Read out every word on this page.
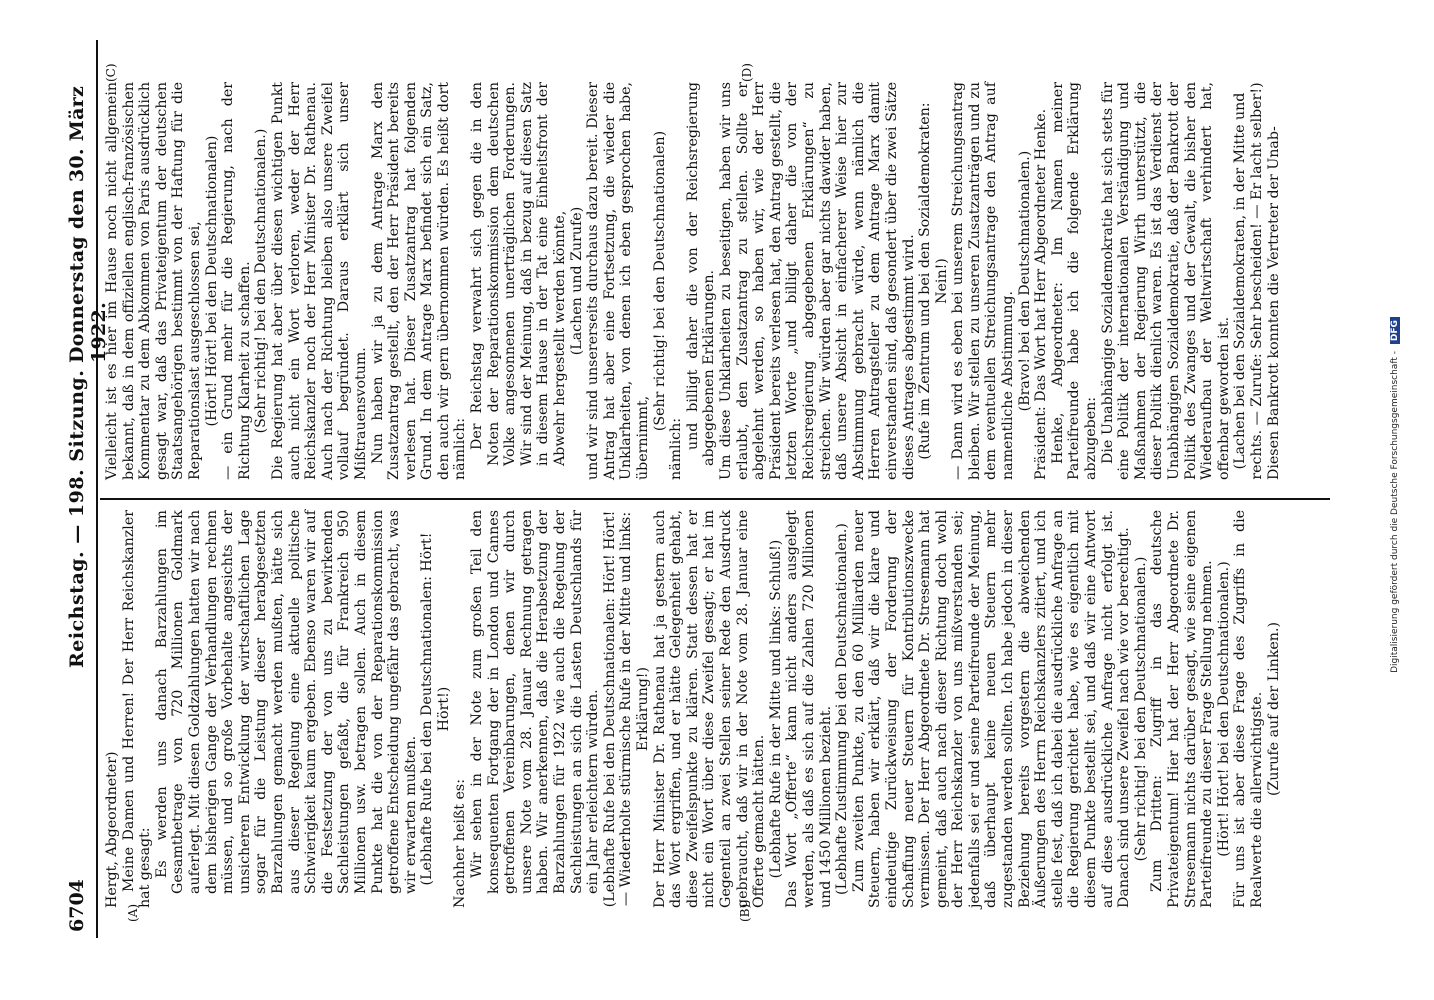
6704
Reichstag. — 198. Sitzung.
Donnerstag den 30. März 1922.
(A)	(B)
(C)	(D)

Hergt, Abgeordneter) Meine Damen und Herren! Der Herr Reichskanzler hat gesagt: Es werden uns danach Barzahlungen im Gesamtbetrage von 720 Millionen Goldmark auferlegt. Mit diesen Goldzahlungen hatten wir nach dem bisherigen Gange der Verhandlungen rechnen müssen, und so große Vorbehalte angesichts der unsicheren Entwicklung der wirtschaftlichen Lage sogar für die Leistung dieser herabgesetzten Barzahlungen gemacht werden mußten, hätte sich aus dieser Regelung eine aktuelle politische Schwierigkeit kaum ergeben. Ebenso waren wir auf die Festsetzung der von uns zu bewirkenden Sachleistungen gefaßt, die für Frankreich 950 Millionen usw. betragen sollen. Auch in diesem Punkte hat die von der Reparationskommission getroffene Entscheidung ungefähr das gebracht, was wir erwarten mußten. (Lebhafte Rufe bei den Deutschnationalen: Hört! Hört!)

Nachher heißt es: Wir sehen in der Note zum großen Teil den konsequenten Fortgang der in London und Cannes getroffenen Vereinbarungen, denen wir durch unsere Note vom 28. Januar Rechnung getragen haben. Wir anerkennen, daß die Herabsetzung der Barzahlungen für 1922 wie auch die Regelung der Sachleistungen an sich die Lasten Deutschlands für ein Jahr erleichtern würden. (Lebhafte Rufe bei den Deutschnationalen: Hört! Hört! — Wiederholte stürmische Rufe in der Mitte und links: Erklärung!) Der Herr Minister Dr. Rathenau hat ja gestern auch das Wort ergriffen, und er hätte Gelegenheit gehabt, diese Zweifelspunkte zu klären. Statt dessen hat er nicht ein Wort über diese Zweifel gesagt; er hat im Gegenteil an zwei Stellen seiner Rede den Ausdruck gebraucht, daß wir in der Note vom 28. Januar eine Offerte gemacht hätten. (Lebhafte Rufe in der Mitte und links: Schluß!) Das Wort „Offerte“ kann nicht anders ausgelegt werden, als daß es sich auf die Zahlen 720 Millionen und 1450 Millionen bezieht. (Lebhafte Zustimmung bei den Deutschnationalen.) Zum zweiten Punkte, zu den 60 Milliarden neuer Steuern, haben wir erklärt, daß wir die klare und eindeutige Zurückweisung der Forderung der Schaffung neuer Steuern für Kontributionszwecke vermissen. Der Herr Abgeordnete Dr. Stresemann hat gemeint, daß auch nach dieser Richtung doch wohl der Herr Reichskanzler von uns mißverstanden sei; jedenfalls sei er und seine Parteifreunde der Meinung, daß überhaupt keine neuen Steuern mehr zugestanden werden sollten. Ich habe jedoch in dieser Beziehung bereits vorgestern die abweichenden Äußerungen des Herrn Reichskanzlers zitiert, und ich stelle fest, daß ich dabei die ausdrückliche Anfrage an die Regierung gerichtet habe, wie es eigentlich mit diesem Punkte bestellt sei, und daß wir eine Antwort auf diese ausdrückliche Anfrage nicht erfolgt ist. Danach sind unsere Zweifel nach wie vor berechtigt. (Sehr richtig! bei den Deutschnationalen.) Zum Dritten: Zugriff in das deutsche Privateigentum! Hier hat der Herr Abgeordnete Dr. Stresemann nichts darüber gesagt, wie seine eigenen Parteifreunde zu dieser Frage Stellung nehmen. (Hört! Hört! bei den Deutschnationalen.) Für uns ist aber diese Frage des Zugriffs in die Realwerte die allerwichtigste. (Zurufe auf der Linken.)

Vielleicht ist es hier im Hause noch nicht allgemein bekannt, daß in dem offiziellen englisch-französischen Kommentar zu dem Abkommen von Paris ausdrücklich gesagt war, daß das Privateigentum der deutschen Staatsangehörigen bestimmt von der Haftung für die Reparationslast ausgeschlossen sei, (Hört! Hört! bei den Deutschnationalen) — ein Grund mehr für die Regierung, nach der Richtung Klarheit zu schaffen. (Sehr richtig! bei den Deutschnationalen.) Die Regierung hat aber über diesen wichtigen Punkt auch nicht ein Wort verloren, weder der Herr Reichskanzler noch der Herr Minister Dr. Rathenau. Auch nach der Richtung bleiben also unsere Zweifel vollauf begründet. Daraus erklärt sich unser Mißtrauensvotum. Nun haben wir ja zu dem Antrage Marx den Zusatzantrag gestellt, den der Herr Präsident bereits verlesen hat. Dieser Zusatzantrag hat folgenden Grund. In dem Antrage Marx befindet sich ein Satz, den auch wir gern übernommen würden. Es heißt dort nämlich: Der Reichstag verwahrt sich gegen die in den Noten der Reparationskommission dem deutschen Volke angesonnenen unerträglichen Forderungen. Wir sind der Meinung, daß in bezug auf diesen Satz in diesem Hause in der Tat eine Einheitsfront der Abwehr hergestellt werden könnte, (Lachen und Zurufe) und wir sind unsererseits durchaus dazu bereit. Dieser Antrag hat aber eine Fortsetzung, die wieder die Unklarheiten, von denen ich eben gesprochen habe, übernimmt,

(Sehr richtig! bei den Deutschnationalen)

nämlich: und billigt daher die von der Reichsregierung abgegebenen Erklärungen. Um diese Unklarheiten zu beseitigen, haben wir uns erlaubt, den Zusatzantrag zu stellen. Sollte er abgelehnt werden, so haben wir, wie der Herr Präsident bereits verlesen hat, den Antrag gestellt, die letzten Worte „und billigt daher die von der Reichsregierung abgegebenen Erklärungen“ zu streichen. Wir würden aber gar nichts dawider haben, daß unsere Absicht in einfacherer Weise hier zur Abstimmung gebracht würde, wenn nämlich die Herren Antragsteller zu dem Antrage Marx damit einverstanden sind, daß gesondert über die zwei Sätze dieses Antrages abgestimmt wird. (Rufe im Zentrum und bei den Sozialdemokraten: Nein!) — Dann wird es eben bei unserem Streichungsantrag bleiben. Wir stellen zu unseren Zusatzanträgen und zu dem eventuellen Streichungsantrage den Antrag auf namentliche Abstimmung. (Bravo! bei den Deutschnationalen.) Präsident: Das Wort hat Herr Abgeordneter Henke. Henke, Abgeordneter: Im Namen meiner Parteifreunde habe ich die folgende Erklärung abzugeben: Die Unabhängige Sozialdemokratie hat sich stets für eine Politik der internationalen Verständigung und Maßnahmen der Regierung Wirth unterstützt, die dieser Politik dienlich waren. Es ist das Verdienst der Unabhängigen Sozialdemokratie, daß der Bankrott der Politik des Zwanges und der Gewalt, die bisher den Wiederaufbau der Weltwirtschaft verhindert hat, offenbar geworden ist. (Lachen bei den Sozialdemokraten, in der Mitte und rechts. — Zurufe: Sehr bescheiden! — Er lacht selber!) Diesen Bankrott konnten die Vertreter der Unab-

Digitalisierung gefördert durch die Deutsche Forschungsgemeinschaft - DFG
